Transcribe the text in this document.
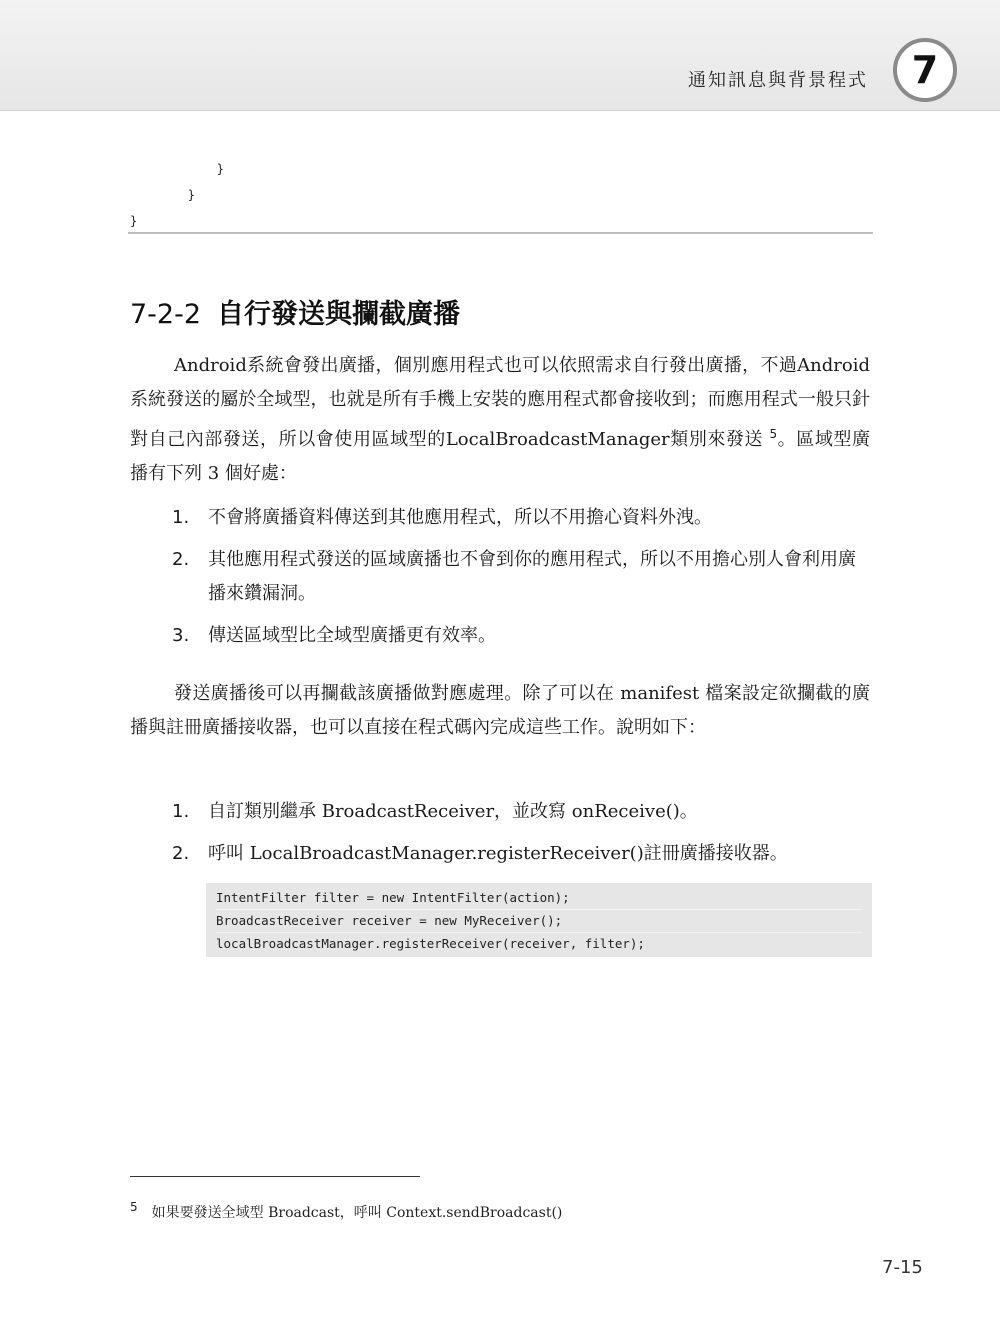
通知訊息與背景程式	7
}
}
}
7-2-2 自行發送與攔截廣播

Android系統會發出廣播，個別應用程式也可以依照需求自行發出廣播，不過Android系統發送的屬於全域型，也就是所有手機上安裝的應用程式都會接收到；而應用程式一般只針對自己內部發送，所以會使用區域型的LocalBroadcastManager類別來發送 $^5$。區域型廣播有下列 3 個好處：

1. 不會將廣播資料傳送到其他應用程式，所以不用擔心資料外洩。
2. 其他應用程式發送的區域廣播也不會到你的應用程式，所以不用擔心別人會利用廣播來鑽漏洞。
3. 傳送區域型比全域型廣播更有效率。

發送廣播後可以再攔截該廣播做對應處理。除了可以在 manifest 檔案設定欲攔截的廣播與註冊廣播接收器，也可以直接在程式碼內完成這些工作。說明如下：

1. 自訂類別繼承 BroadcastReceiver，並改寫 onReceive()。
2. 呼叫 LocalBroadcastManager.registerReceiver()註冊廣播接收器。
IntentFilter filter = new IntentFilter(action);
BroadcastReceiver receiver = new MyReceiver();
localBroadcastManager.registerReceiver(receiver, filter);
5 如果要發送全域型 Broadcast，呼叫 Context.sendBroadcast()
7-15
